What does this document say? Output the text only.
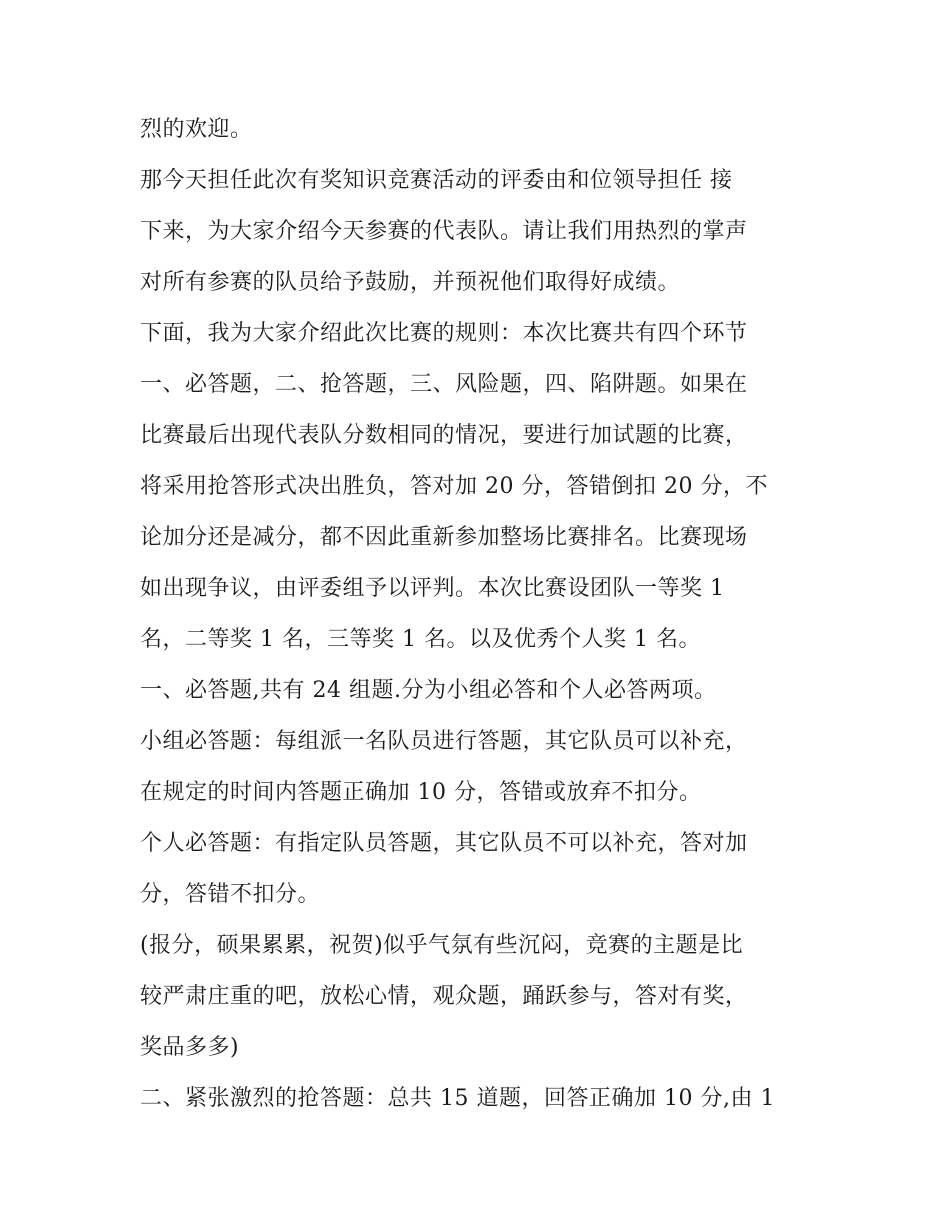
烈的欢迎。
那今天担任此次有奖知识竞赛活动的评委由和位领导担任 接
下来，为大家介绍今天参赛的代表队。请让我们用热烈的掌声
对所有参赛的队员给予鼓励，并预祝他们取得好成绩。
下面，我为大家介绍此次比赛的规则：本次比赛共有四个环节
一、必答题，二、抢答题，三、风险题，四、陷阱题。如果在
比赛最后出现代表队分数相同的情况，要进行加试题的比赛，
将采用抢答形式决出胜负，答对加 20 分，答错倒扣 20 分，不
论加分还是减分，都不因此重新参加整场比赛排名。比赛现场
如出现争议，由评委组予以评判。本次比赛设团队一等奖 1
名，二等奖 1 名，三等奖 1 名。以及优秀个人奖 1 名。
一、必答题,共有 24 组题.分为小组必答和个人必答两项。
小组必答题：每组派一名队员进行答题，其它队员可以补充，
在规定的时间内答题正确加 10 分，答错或放弃不扣分。
个人必答题：有指定队员答题，其它队员不可以补充，答对加
分，答错不扣分。
(报分，硕果累累，祝贺)似乎气氛有些沉闷，竞赛的主题是比
较严肃庄重的吧，放松心情，观众题，踊跃参与，答对有奖，
奖品多多)
二、紧张激烈的抢答题：总共 15 道题，回答正确加 10 分,由 1
